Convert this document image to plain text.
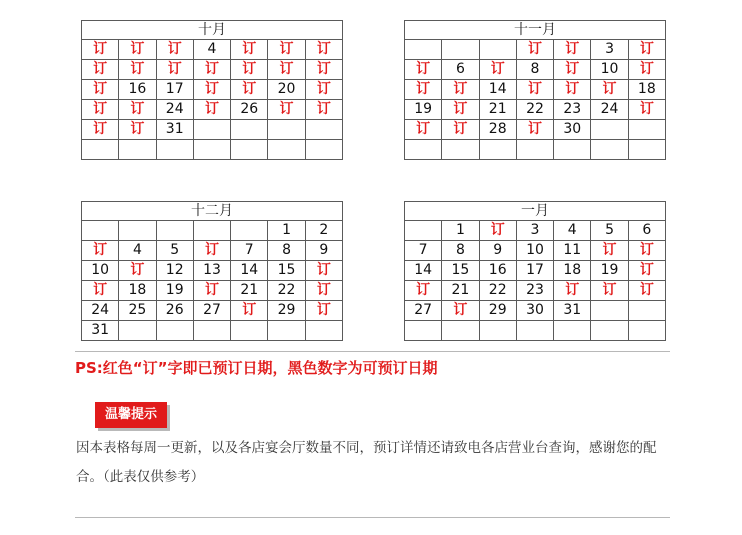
十月						
订	订	订	4	订	订	订
订	订	订	订	订	订	订
订	16	17	订	订	20	订
订	订	24	订	26	订	订
订	订	31				

十一月						
			订	订	3	订
订	6	订	8	订	10	订
订	订	14	订	订	订	18
19	订	21	22	23	24	订
订	订	28	订	30		

十二月						
					1	2
订	4	5	订	7	8	9
10	订	12	13	14	15	订
订	18	19	订	21	22	订
24	25	26	27	订	29	订
31						
一月						
	1	订	3	4	5	6
7	8	9	10	11	订	订
14	15	16	17	18	19	订
订	21	22	23	订	订	订
27	订	29	30	31		

PS:红色“订”字即已预订日期，黑色数字为可预订日期
温馨提示
因本表格每周一更新，以及各店宴会厅数量不同，预订详情还请致电各店营业台查询，感谢您的配合。（此表仅供参考）
